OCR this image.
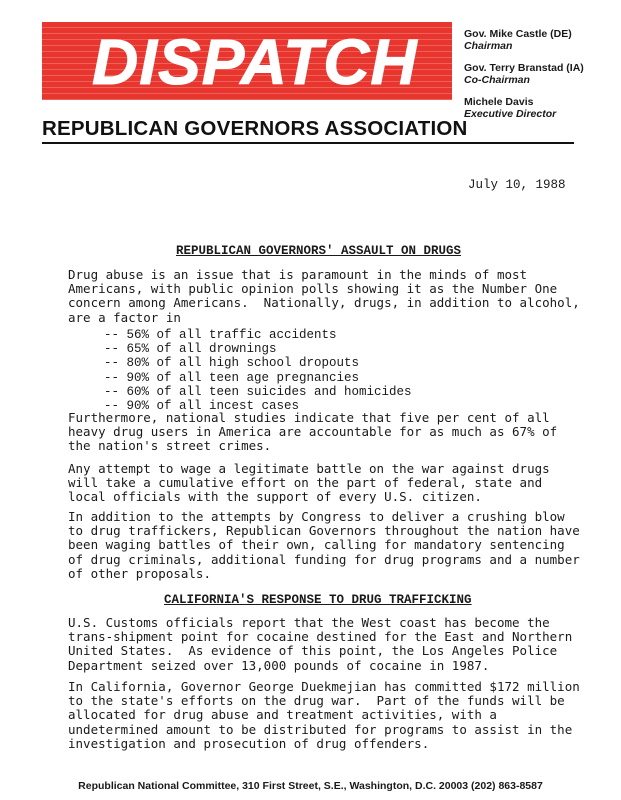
DISPATCH	Gov. Mike Castle (DE)
Chairman
Gov. Terry Branstad (IA)
Co-Chairman
Michele Davis
Executive Director
REPUBLICAN GOVERNORS ASSOCIATION
July 10, 1988
REPUBLICAN GOVERNORS' ASSAULT ON DRUGS
Drug abuse is an issue that is paramount in the minds of most
Americans, with public opinion polls showing it as the Number One
concern among Americans.  Nationally, drugs, in addition to alcohol,
are a factor in
-- 56% of all traffic accidents
-- 65% of all drownings
-- 80% of all high school dropouts
-- 90% of all teen age pregnancies
-- 60% of all teen suicides and homicides
-- 90% of all incest cases
Furthermore, national studies indicate that five per cent of all
heavy drug users in America are accountable for as much as 67% of
the nation's street crimes.
Any attempt to wage a legitimate battle on the war against drugs
will take a cumulative effort on the part of federal, state and
local officials with the support of every U.S. citizen.
In addition to the attempts by Congress to deliver a crushing blow
to drug traffickers, Republican Governors throughout the nation have
been waging battles of their own, calling for mandatory sentencing
of drug criminals, additional funding for drug programs and a number
of other proposals.
CALIFORNIA'S RESPONSE TO DRUG TRAFFICKING
U.S. Customs officials report that the West coast has become the
trans-shipment point for cocaine destined for the East and Northern
United States.  As evidence of this point, the Los Angeles Police
Department seized over 13,000 pounds of cocaine in 1987.
In California, Governor George Duekmejian has committed $172 million
to the state's efforts on the drug war.  Part of the funds will be
allocated for drug abuse and treatment activities, with a
undetermined amount to be distributed for programs to assist in the
investigation and prosecution of drug offenders.
Republican National Committee, 310 First Street, S.E., Washington, D.C. 20003 (202) 863-8587
